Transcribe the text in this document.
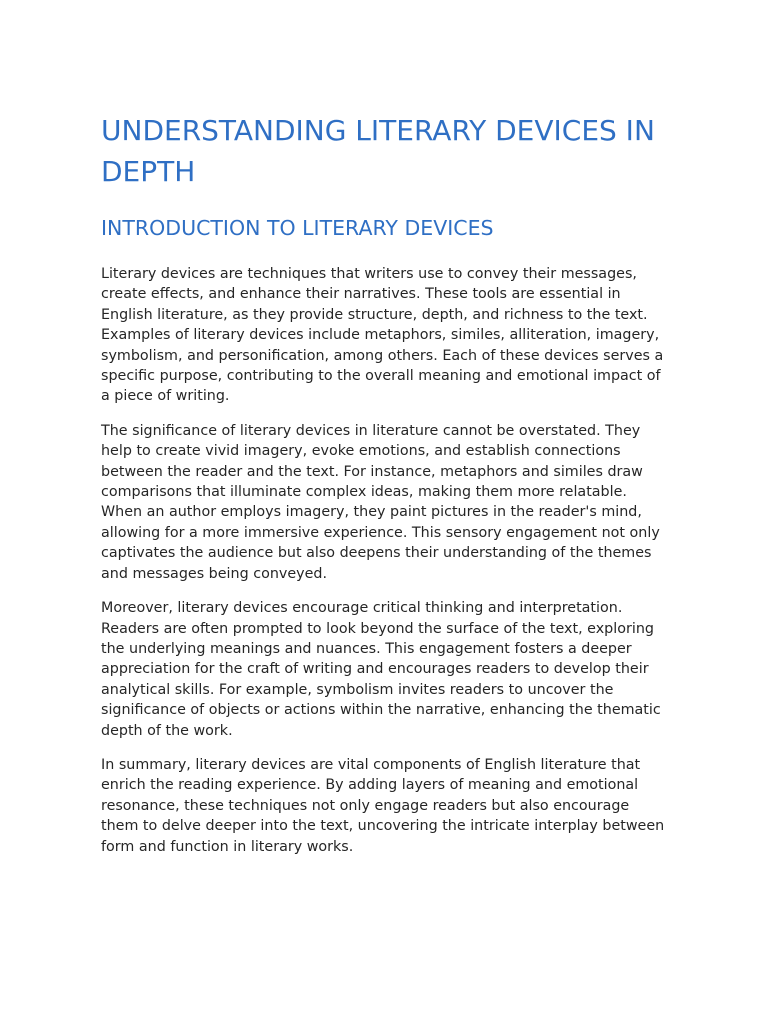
UNDERSTANDING LITERARY DEVICES IN DEPTH
INTRODUCTION TO LITERARY DEVICES

Literary devices are techniques that writers use to convey their messages, create effects, and enhance their narratives. These tools are essential in English literature, as they provide structure, depth, and richness to the text. Examples of literary devices include metaphors, similes, alliteration, imagery, symbolism, and personification, among others. Each of these devices serves a specific purpose, contributing to the overall meaning and emotional impact of a piece of writing.

The significance of literary devices in literature cannot be overstated. They help to create vivid imagery, evoke emotions, and establish connections between the reader and the text. For instance, metaphors and similes draw comparisons that illuminate complex ideas, making them more relatable. When an author employs imagery, they paint pictures in the reader's mind, allowing for a more immersive experience. This sensory engagement not only captivates the audience but also deepens their understanding of the themes and messages being conveyed.

Moreover, literary devices encourage critical thinking and interpretation. Readers are often prompted to look beyond the surface of the text, exploring the underlying meanings and nuances. This engagement fosters a deeper appreciation for the craft of writing and encourages readers to develop their analytical skills. For example, symbolism invites readers to uncover the significance of objects or actions within the narrative, enhancing the thematic depth of the work.

In summary, literary devices are vital components of English literature that enrich the reading experience. By adding layers of meaning and emotional resonance, these techniques not only engage readers but also encourage them to delve deeper into the text, uncovering the intricate interplay between form and function in literary works.
